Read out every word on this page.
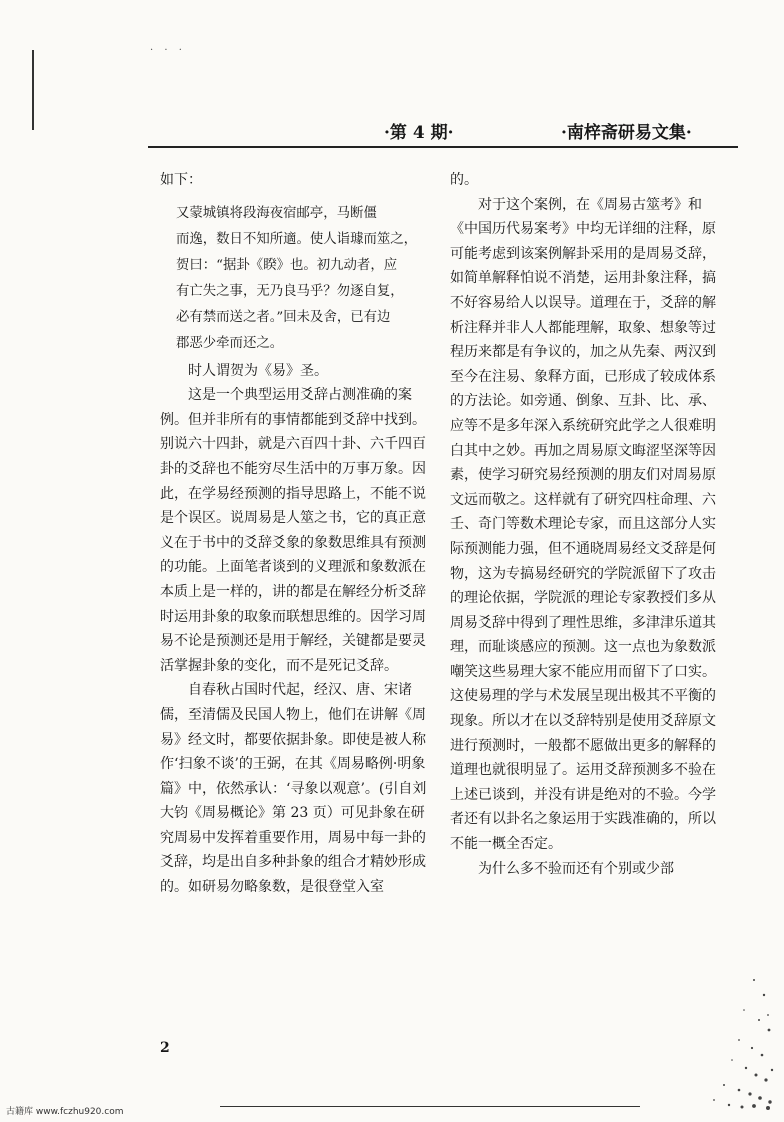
· · ·
·第 4 期·	·南梓斋研易文集·

如下：

又蒙城镇将段海夜宿邮亭，马断僵

而逸，数日不知所適。使人诣璩而筮之，

贺曰：“据卦《睽》也。初九动者，应

有亡失之事，无乃良马乎？勿逐自复，

必有禁而送之者。”回未及舍，已有边

郡恶少牵而还之。

时人谓贺为《易》圣。

这是一个典型运用爻辞占测准确的案例。但并非所有的事情都能到爻辞中找到。别说六十四卦，就是六百四十卦、六千四百卦的爻辞也不能穷尽生活中的万事万象。因此，在学易经预测的指导思路上，不能不说是个误区。说周易是人筮之书，它的真正意义在于书中的爻辞爻象的象数思维具有预测的功能。上面笔者谈到的义理派和象数派在本质上是一样的，讲的都是在解经分析爻辞时运用卦象的取象而联想思维的。因学习周易不论是预测还是用于解经，关键都是要灵活掌握卦象的变化，而不是死记爻辞。

自春秋占国时代起，经汉、唐、宋诸儒，至清儒及民国人物上，他们在讲解《周易》经文时，都要依据卦象。即使是被人称作‘扫象不谈’的王弼，在其《周易略例·明象篇》中，依然承认：‘寻象以观意’。(引自刘大钧《周易概论》第 23 页）可见卦象在研究周易中发挥着重要作用，周易中每一卦的爻辞，均是出自多种卦象的组合才精妙形成的。如研易勿略象数，是很登堂入室

的。

对于这个案例，在《周易古筮考》和《中国历代易案考》中均无详细的注释，原可能考虑到该案例解卦采用的是周易爻辞，如简单解释怕说不消楚，运用卦象注释，搞不好容易给人以误导。道理在于，爻辞的解析注释并非人人都能理解，取象、想象等过程历来都是有争议的，加之从先秦、两汉到至今在注易、象释方面，已形成了较成体系的方法论。如旁通、倒象、互卦、比、承、应等不是多年深入系统研究此学之人很难明白其中之妙。再加之周易原文晦涩坚深等因素，使学习研究易经预测的朋友们对周易原文远而敬之。这样就有了研究四柱命理、六壬、奇门等数术理论专家，而且这部分人实际预测能力强，但不通晓周易经文爻辞是何物，这为专搞易经研究的学院派留下了攻击的理论依据，学院派的理论专家教授们多从周易爻辞中得到了理性思维，多津津乐道其理，而耻谈感应的预测。这一点也为象数派嘲笑这些易理大家不能应用而留下了口实。这使易理的学与术发展呈现出极其不平衡的现象。所以才在以爻辞特别是使用爻辞原文进行预测时，一般都不愿做出更多的解释的道理也就很明显了。运用爻辞预测多不验在上述已谈到，并没有讲是绝对的不验。今学者还有以卦名之象运用于实践准确的，所以不能一概全否定。

为什么多不验而还有个别或少部

2
古籍库 www.fczhu920.com
